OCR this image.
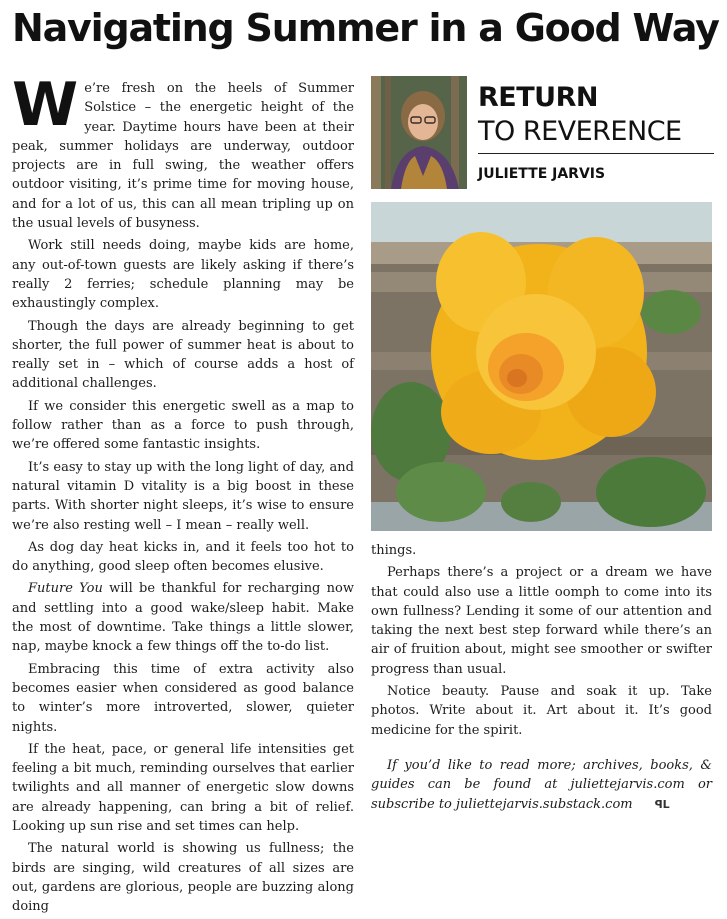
Navigating Summer in a Good Way

We’re fresh on the heels of Summer Solstice – the energetic height of the year. Daytime hours have been at their peak, summer holidays are underway, outdoor projects are in full swing, the weather offers outdoor visiting, it’s prime time for moving house, and for a lot of us, this can all mean tripling up on the usual levels of busyness.

Work still needs doing, maybe kids are home, any out-of-town guests are likely asking if there’s really 2 ferries; schedule planning may be exhaustingly complex.

Though the days are already beginning to get shorter, the full power of summer heat is about to really set in – which of course adds a host of additional challenges.

If we consider this energetic swell as a map to follow rather than as a force to push through, we’re offered some fantastic insights.

It’s easy to stay up with the long light of day, and natural vitamin D vitality is a big boost in these parts. With shorter night sleeps, it’s wise to ensure we’re also resting well – I mean – really well.

As dog day heat kicks in, and it feels too hot to do anything, good sleep often becomes elusive.

Future You will be thankful for recharging now and settling into a good wake/sleep habit. Make the most of downtime. Take things a little slower, nap, maybe knock a few things off the to-do list.

Embracing this time of extra activity also becomes easier when considered as good balance to winter’s more introverted, slower, quieter nights.

If the heat, pace, or general life intensities get feeling a bit much, reminding ourselves that earlier twilights and all manner of energetic slow downs are already happening, can bring a bit of relief. Looking up sun rise and set times can help.

The natural world is showing us fullness; the birds are singing, wild creatures of all sizes are out, gardens are glorious, people are buzzing along doing

RETURN
TO REVERENCE
JULIETTE JARVIS

things.

Perhaps there’s a project or a dream we have that could also use a little oomph to come into its own fullness? Lending it some of our attention and taking the next best step forward while there’s an air of fruition about, might see smoother or swifter progress than usual.

Notice beauty. Pause and soak it up. Take photos. Write about it. Art about it. It’s good medicine for the spirit.

If you’d like to read more; archives, books, & guides can be found at juliettejarvis.com or subscribe to juliettejarvis.substack.com ꟼL
